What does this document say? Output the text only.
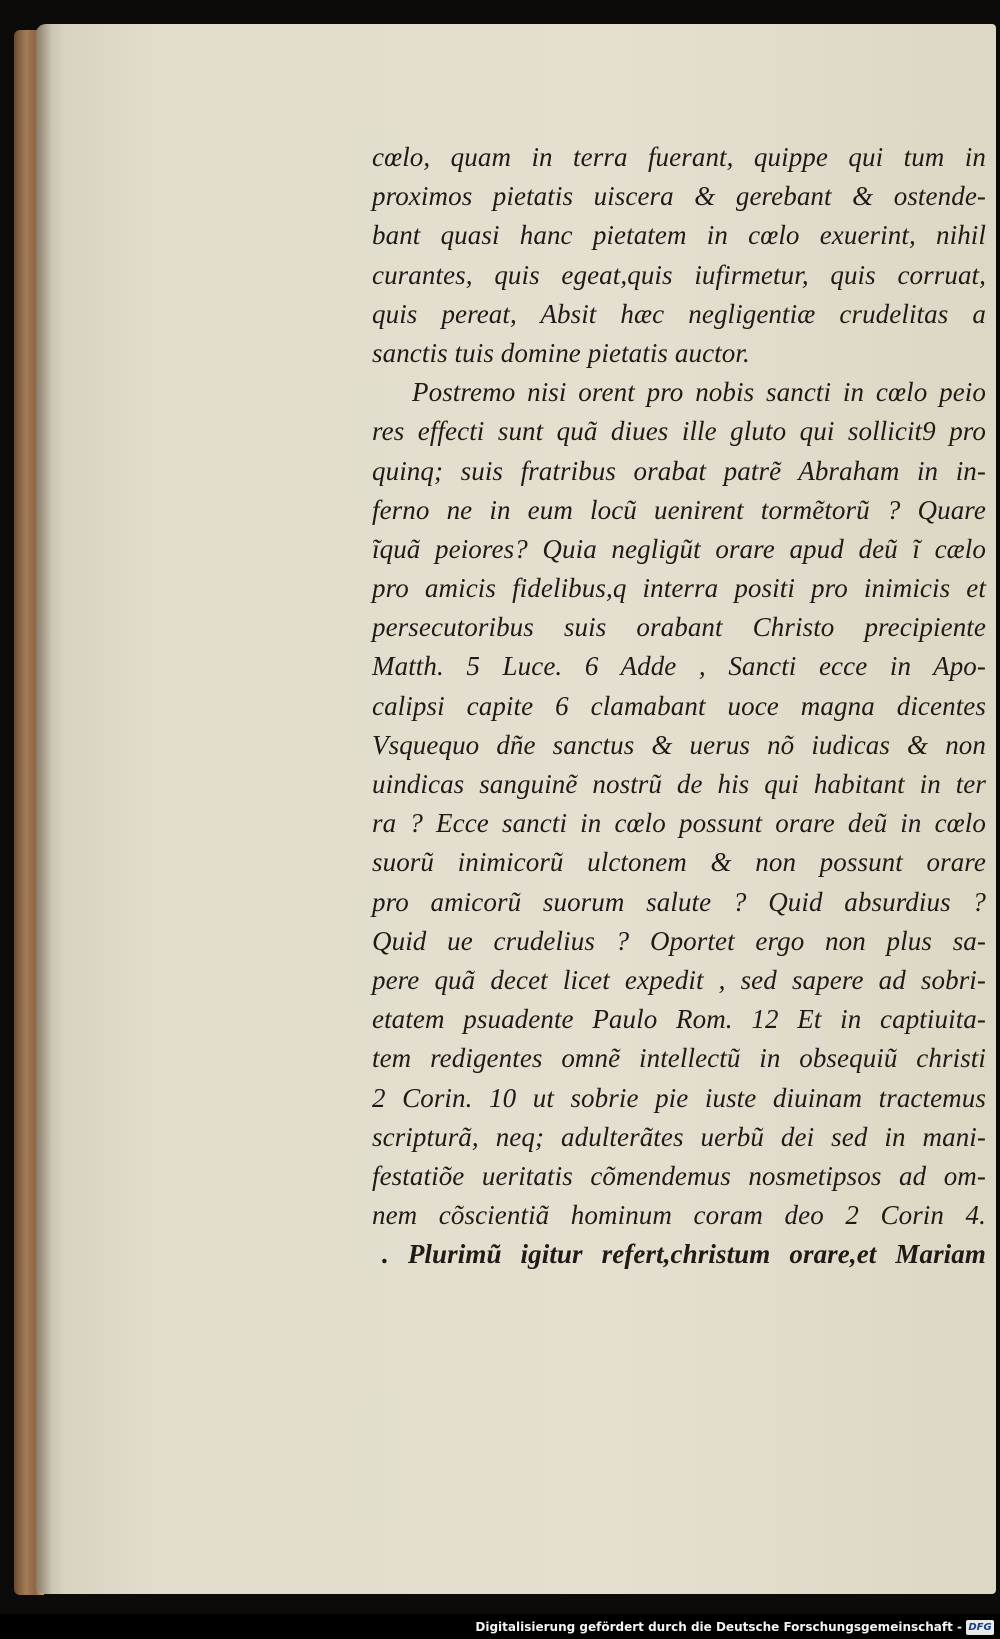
cœlo, quam in terra fuerant, quippe qui tum in
proximos pietatis uiscera & gerebant & ostende-
bant quasi hanc pietatem in cœlo exuerint, nihil
curantes, quis egeat,quis iufirmetur, quis corruat,
quis pereat, Absit hæc negligentiæ crudelitas a
sanctis tuis domine pietatis auctor.
Postremo nisi orent pro nobis sancti in cœlo peio
res effecti sunt quã diues ille gluto qui sollicit9 pro
quinq; suis fratribus orabat patrẽ Abraham in in-
ferno ne in eum locũ uenirent tormẽtorũ ? Quare
ĩquã peiores? Quia negligũt orare apud deũ ĩ cælo
pro amicis fidelibus,q interra positi pro inimicis et
persecutoribus suis orabant Christo precipiente
Matth. 5 Luce. 6 Adde , Sancti ecce in Apo-
calipsi capite 6 clamabant uoce magna dicentes
Vsquequo dñe sanctus & uerus nõ iudicas & non
uindicas sanguinẽ nostrũ de his qui habitant in ter
ra ? Ecce sancti in cœlo possunt orare deũ in cœlo
suorũ inimicorũ ulctonem & non possunt orare
pro amicorũ suorum salute ? Quid absurdius ?
Quid ue crudelius ? Oportet ergo non plus sa-
pere quã decet licet expedit , sed sapere ad sobri-
etatem psuadente Paulo Rom. 12 Et in captiuita-
tem redigentes omnẽ intellectũ in obsequiũ christi
2 Corin. 10 ut sobrie pie iuste diuinam tractemus
scripturã, neq; adulterãtes uerbũ dei sed in mani-
festatiõe ueritatis cõmendemus nosmetipsos ad om-
nem cõscientiã hominum coram deo 2 Corin 4.
. Plurimũ igitur refert,christum orare,et Mariam
Digitalisierung gefördert durch die Deutsche Forschungsgemeinschaft - DFG
